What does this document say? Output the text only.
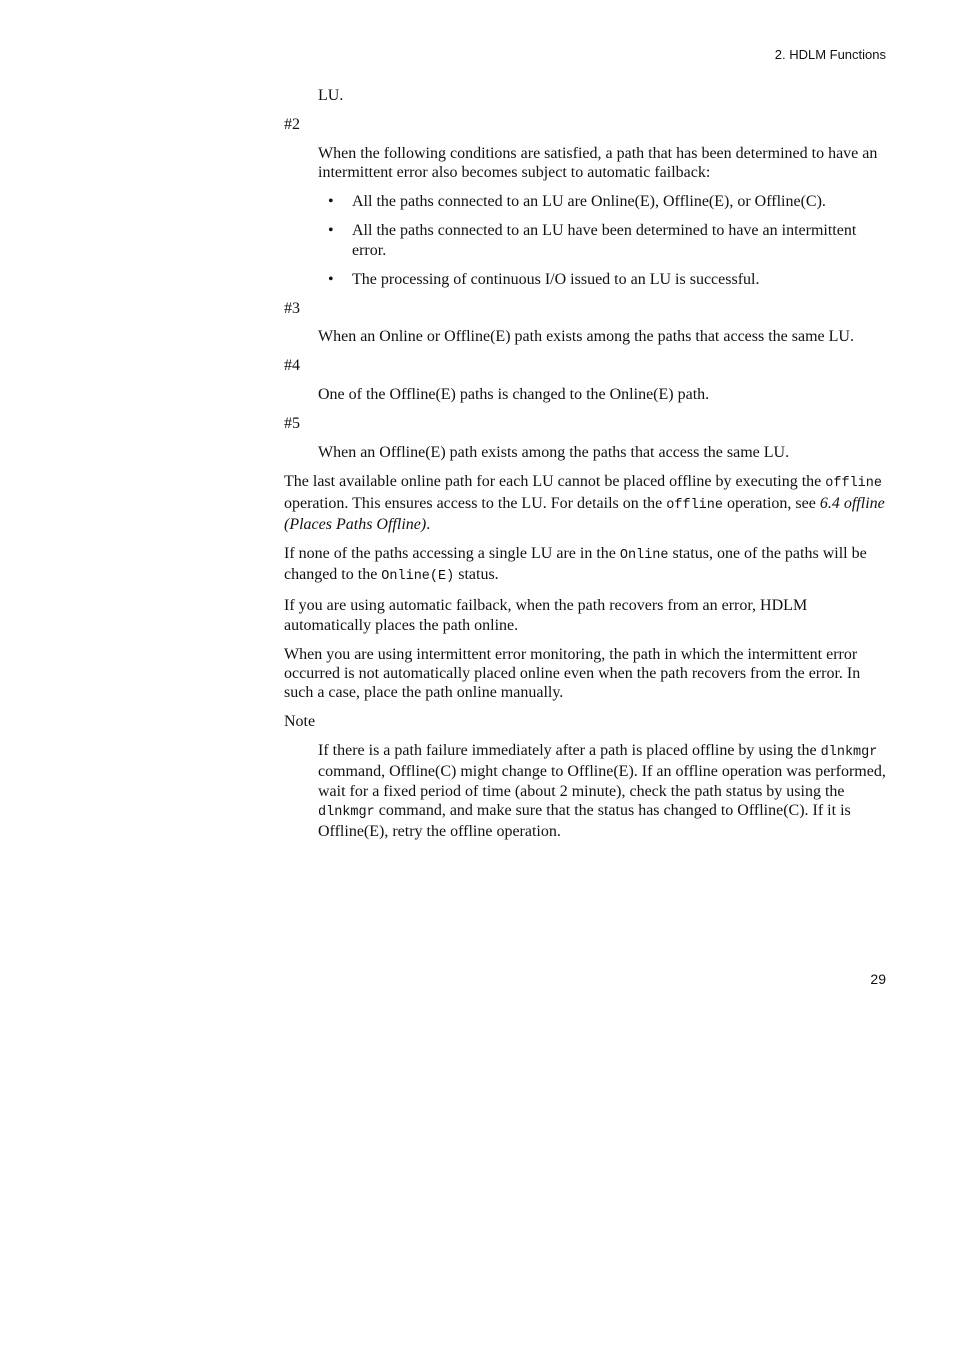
2. HDLM Functions

LU.

#2

When the following conditions are satisfied, a path that has been determined to have an intermittent error also becomes subject to automatic failback:

• All the paths connected to an LU are Online(E), Offline(E), or Offline(C).
• All the paths connected to an LU have been determined to have an intermittent error.
• The processing of continuous I/O issued to an LU is successful.

#3

When an Online or Offline(E) path exists among the paths that access the same LU.

#4

One of the Offline(E) paths is changed to the Online(E) path.

#5

When an Offline(E) path exists among the paths that access the same LU.

The last available online path for each LU cannot be placed offline by executing the offline operation. This ensures access to the LU. For details on the offline operation, see 6.4 offline (Places Paths Offline).

If none of the paths accessing a single LU are in the Online status, one of the paths will be changed to the Online(E) status.

If you are using automatic failback, when the path recovers from an error, HDLM automatically places the path online.

When you are using intermittent error monitoring, the path in which the intermittent error occurred is not automatically placed online even when the path recovers from the error. In such a case, place the path online manually.

Note

If there is a path failure immediately after a path is placed offline by using the dlnkmgr command, Offline(C) might change to Offline(E). If an offline operation was performed, wait for a fixed period of time (about 2 minute), check the path status by using the dlnkmgr command, and make sure that the status has changed to Offline(C). If it is Offline(E), retry the offline operation.

29
